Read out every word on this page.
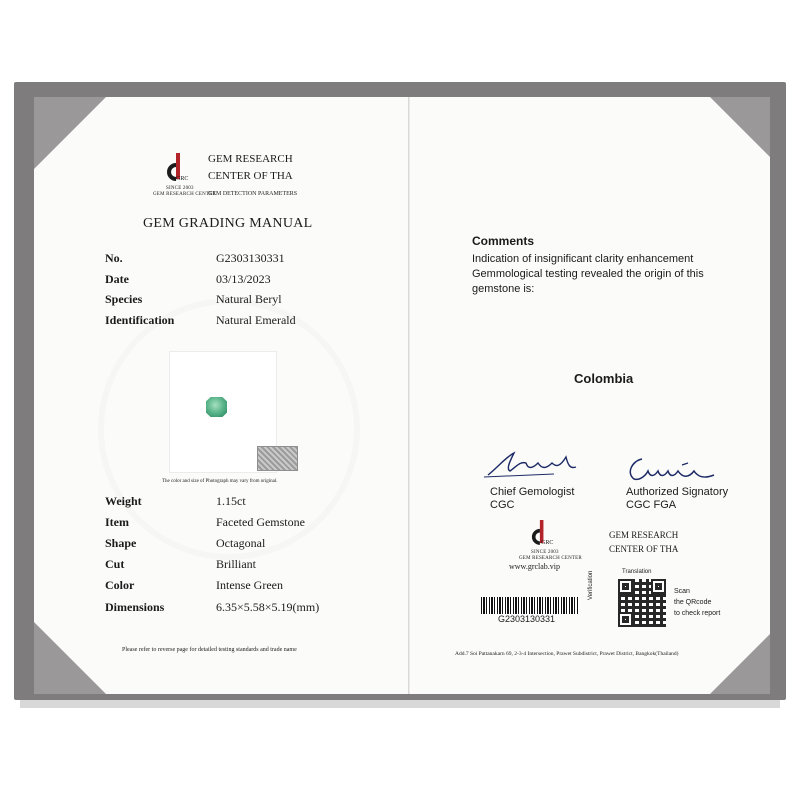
GRC
SINCE 2003
GEM RESEARCH CENTER
GEM RESEARCH
CENTER OF THA
GEM DETECTION PARAMETERS
GEM GRADING MANUAL
No.	G2303130331
Date	03/13/2023
Species	Natural Beryl
Identification	Natural Emerald
The color and size of Photograph may vary from original.
Weight	1.15ct
Item	Faceted Gemstone
Shape	Octagonal
Cut	Brilliant
Color	Intense Green
Dimensions	6.35×5.58×5.19(mm)
Please refer to reverse page for detailed testing standards and trade name
Comments
Indication of insignificant clarity enhancement
Gemmological testing revealed the origin of this
gemstone is:
Colombia
Chief Gemologist
CGC
Authorized Signatory
CGC FGA
GRC
SINCE 2003
GEM RESEARCH CENTER
www.grclab.vip
GEM RESEARCH
CENTER OF THA
G2303130331
Translation
Verification	Scan
the QRcode
to check report
Add.7 Soi Pattanakarn 69, 2-3-4 Intersection, Prawet Subdistrict, Prawet District, Bangkok(Thailand)
